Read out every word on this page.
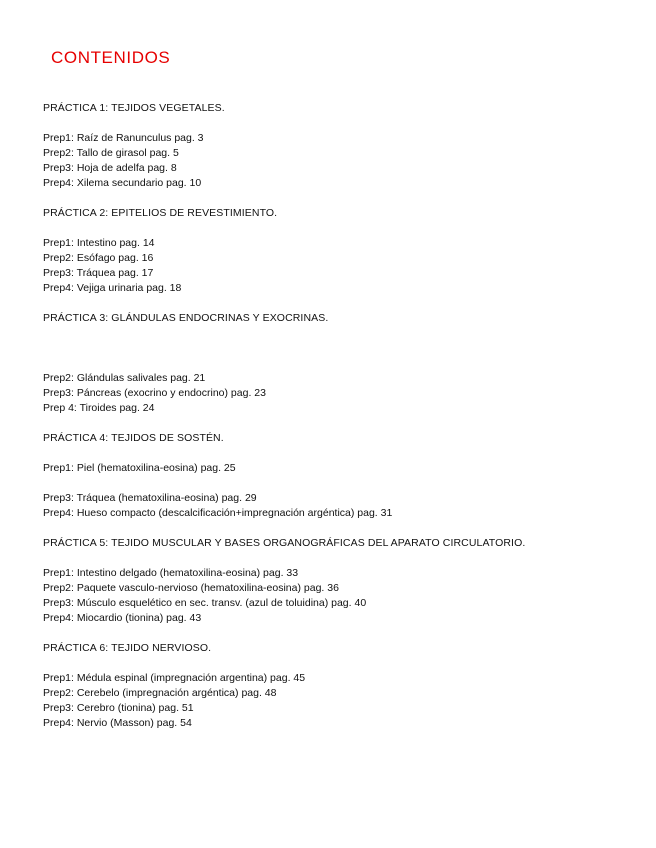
CONTENIDOS
PRÁCTICA 1: TEJIDOS VEGETALES.
Prep1: Raíz de Ranunculus pag. 3
Prep2: Tallo de girasol pag. 5
Prep3: Hoja de adelfa pag. 8
Prep4: Xilema secundario pag. 10
PRÁCTICA 2: EPITELIOS DE REVESTIMIENTO.
Prep1: Intestino pag. 14
Prep2: Esófago pag. 16
Prep3: Tráquea pag. 17
Prep4: Vejiga urinaria pag. 18
PRÁCTICA 3: GLÁNDULAS ENDOCRINAS Y EXOCRINAS.
Prep2: Glándulas salivales pag. 21
Prep3: Páncreas (exocrino y endocrino) pag. 23
Prep 4: Tiroides pag. 24
PRÁCTICA 4: TEJIDOS DE SOSTÉN.
Prep1: Piel (hematoxilina-eosina) pag. 25
Prep3: Tráquea (hematoxilina-eosina) pag. 29
Prep4: Hueso compacto (descalcificación+impregnación argéntica) pag. 31
PRÁCTICA 5: TEJIDO MUSCULAR Y BASES ORGANOGRÁFICAS DEL APARATO CIRCULATORIO.
Prep1: Intestino delgado (hematoxilina-eosina) pag. 33
Prep2: Paquete vasculo-nervioso (hematoxilina-eosina) pag. 36
Prep3: Músculo esquelético en sec. transv. (azul de toluidina) pag. 40
Prep4: Miocardio (tionina) pag. 43
PRÁCTICA 6: TEJIDO NERVIOSO.
Prep1: Médula espinal (impregnación argentina) pag. 45
Prep2: Cerebelo (impregnación argéntica) pag. 48
Prep3: Cerebro (tionina) pag. 51
Prep4: Nervio (Masson) pag. 54
